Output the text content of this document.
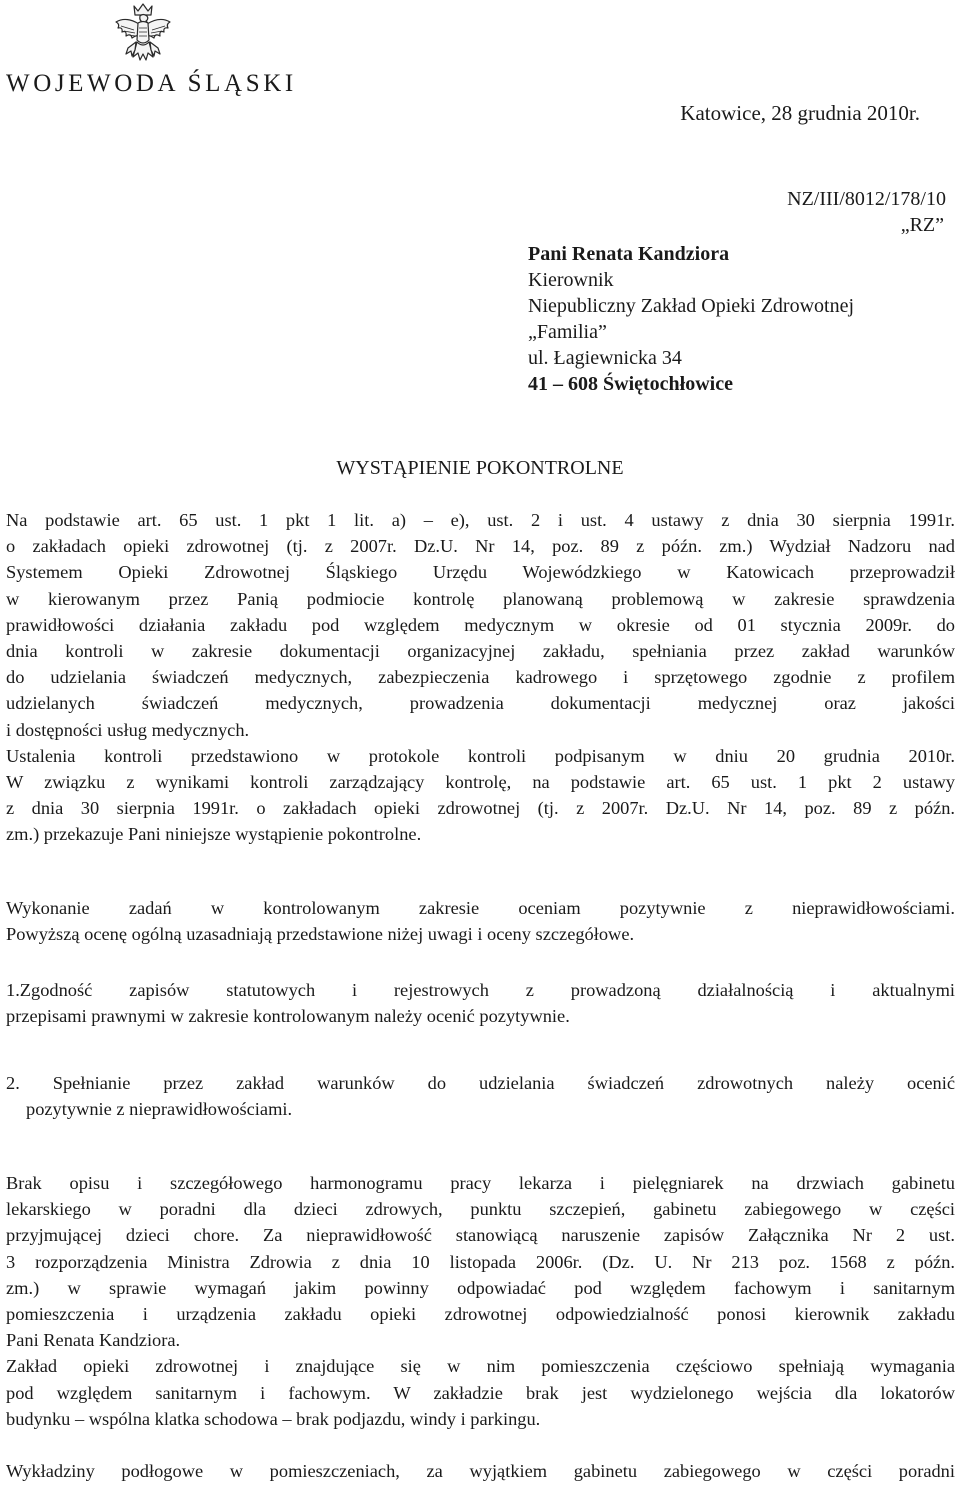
WOJEWODA ŚLĄSKI
Katowice, 28 grudnia 2010r.
NZ/III/8012/178/10
„RZ”
Pani Renata Kandziora
Kierownik
Niepubliczny Zakład Opieki Zdrowotnej
„Familia”
ul. Łagiewnicka 34
41 – 608 Świętochłowice
WYSTĄPIENIE POKONTROLNE
Na podstawie art. 65 ust. 1 pkt 1 lit. a) – e), ust. 2 i ust. 4 ustawy z dnia 30 sierpnia 1991r.
o zakładach opieki zdrowotnej (tj. z 2007r. Dz.U. Nr 14, poz. 89 z późn. zm.) Wydział Nadzoru nad
Systemem Opieki Zdrowotnej Śląskiego Urzędu Wojewódzkiego w Katowicach przeprowadził
w kierowanym przez Panią podmiocie kontrolę planowaną problemową w zakresie sprawdzenia
prawidłowości działania zakładu pod względem medycznym w okresie od 01 stycznia 2009r. do
dnia kontroli w zakresie dokumentacji organizacyjnej zakładu, spełniania przez zakład warunków
do udzielania świadczeń medycznych, zabezpieczenia kadrowego i sprzętowego zgodnie z profilem
udzielanych świadczeń medycznych, prowadzenia dokumentacji medycznej oraz jakości
i dostępności usług medycznych.
Ustalenia kontroli przedstawiono w protokole kontroli podpisanym w dniu 20 grudnia 2010r.
W związku z wynikami kontroli zarządzający kontrolę, na podstawie art. 65 ust. 1 pkt 2 ustawy
z dnia 30 sierpnia 1991r. o zakładach opieki zdrowotnej (tj. z 2007r. Dz.U. Nr 14, poz. 89 z późn.
zm.) przekazuje Pani niniejsze wystąpienie pokontrolne.
Wykonanie zadań w kontrolowanym zakresie oceniam pozytywnie z nieprawidłowościami.
Powyższą ocenę ogólną uzasadniają przedstawione niżej uwagi i oceny szczegółowe.
1.Zgodność zapisów statutowych i rejestrowych z prowadzoną działalnością i aktualnymi
przepisami prawnymi w zakresie kontrolowanym należy ocenić pozytywnie.
2. Spełnianie przez zakład warunków do udzielania świadczeń zdrowotnych należy ocenić
pozytywnie z nieprawidłowościami.
Brak opisu i szczegółowego harmonogramu pracy lekarza i pielęgniarek na drzwiach gabinetu
lekarskiego w poradni dla dzieci zdrowych, punktu szczepień, gabinetu zabiegowego w części
przyjmującej dzieci chore. Za nieprawidłowość stanowiącą naruszenie zapisów Załącznika Nr 2 ust.
3 rozporządzenia Ministra Zdrowia z dnia 10 listopada 2006r. (Dz. U. Nr 213 poz. 1568 z późn.
zm.) w sprawie wymagań jakim powinny odpowiadać pod względem fachowym i sanitarnym
pomieszczenia i urządzenia zakładu opieki zdrowotnej odpowiedzialność ponosi kierownik zakładu
Pani Renata Kandziora.
Zakład opieki zdrowotnej i znajdujące się w nim pomieszczenia częściowo spełniają wymagania
pod względem sanitarnym i fachowym. W zakładzie brak jest wydzielonego wejścia dla lokatorów
budynku – wspólna klatka schodowa – brak podjazdu, windy i parkingu.
Wykładziny podłogowe w pomieszczeniach, za wyjątkiem gabinetu zabiegowego w części poradni
